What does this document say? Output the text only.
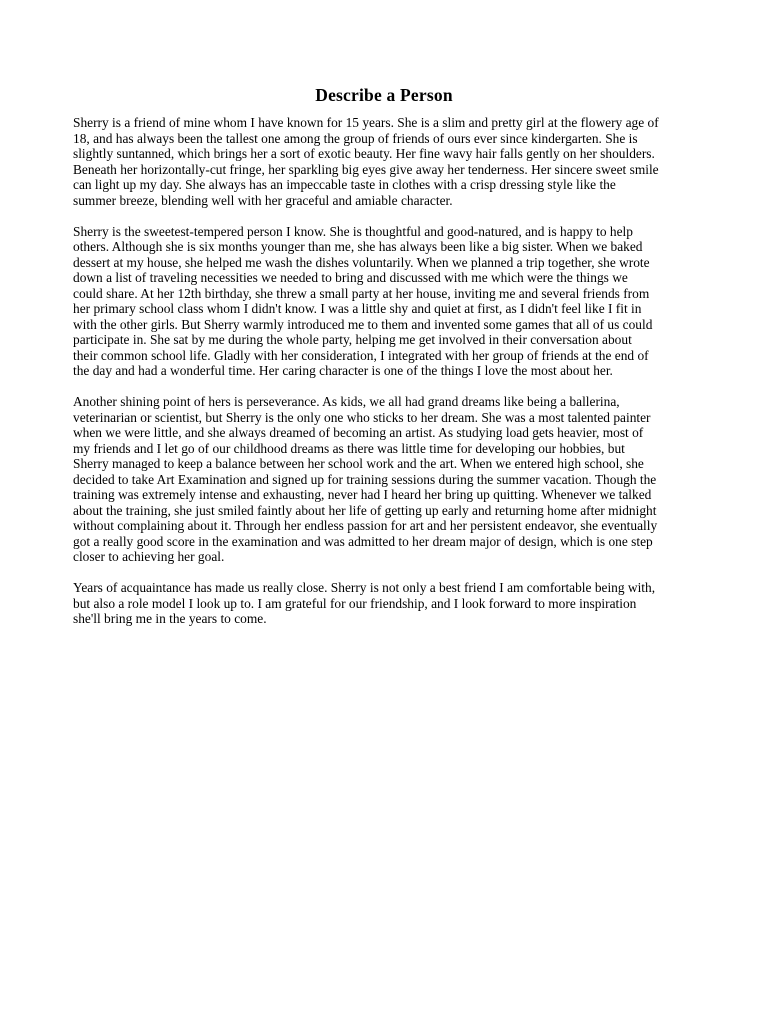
Describe a Person

Sherry is a friend of mine whom I have known for 15 years. She is a slim and pretty girl at the flowery age of
18, and has always been the tallest one among the group of friends of ours ever since kindergarten. She is
slightly suntanned, which brings her a sort of exotic beauty. Her fine wavy hair falls gently on her shoulders.
Beneath her horizontally-cut fringe, her sparkling big eyes give away her tenderness. Her sincere sweet smile
can light up my day. She always has an impeccable taste in clothes with a crisp dressing style like the
summer breeze, blending well with her graceful and amiable character.

Sherry is the sweetest-tempered person I know. She is thoughtful and good-natured, and is happy to help
others. Although she is six months younger than me, she has always been like a big sister. When we baked
dessert at my house, she helped me wash the dishes voluntarily. When we planned a trip together, she wrote
down a list of traveling necessities we needed to bring and discussed with me which were the things we
could share. At her 12th birthday, she threw a small party at her house, inviting me and several friends from
her primary school class whom I didn't know. I was a little shy and quiet at first, as I didn't feel like I fit in
with the other girls. But Sherry warmly introduced me to them and invented some games that all of us could
participate in. She sat by me during the whole party, helping me get involved in their conversation about
their common school life. Gladly with her consideration, I integrated with her group of friends at the end of
the day and had a wonderful time. Her caring character is one of the things I love the most about her.

Another shining point of hers is perseverance. As kids, we all had grand dreams like being a ballerina,
veterinarian or scientist, but Sherry is the only one who sticks to her dream. She was a most talented painter
when we were little, and she always dreamed of becoming an artist. As studying load gets heavier, most of
my friends and I let go of our childhood dreams as there was little time for developing our hobbies, but
Sherry managed to keep a balance between her school work and the art. When we entered high school, she
decided to take Art Examination and signed up for training sessions during the summer vacation. Though the
training was extremely intense and exhausting, never had I heard her bring up quitting. Whenever we talked
about the training, she just smiled faintly about her life of getting up early and returning home after midnight
without complaining about it. Through her endless passion for art and her persistent endeavor, she eventually
got a really good score in the examination and was admitted to her dream major of design, which is one step
closer to achieving her goal.

Years of acquaintance has made us really close. Sherry is not only a best friend I am comfortable being with,
but also a role model I look up to. I am grateful for our friendship, and I look forward to more inspiration
she'll bring me in the years to come.
